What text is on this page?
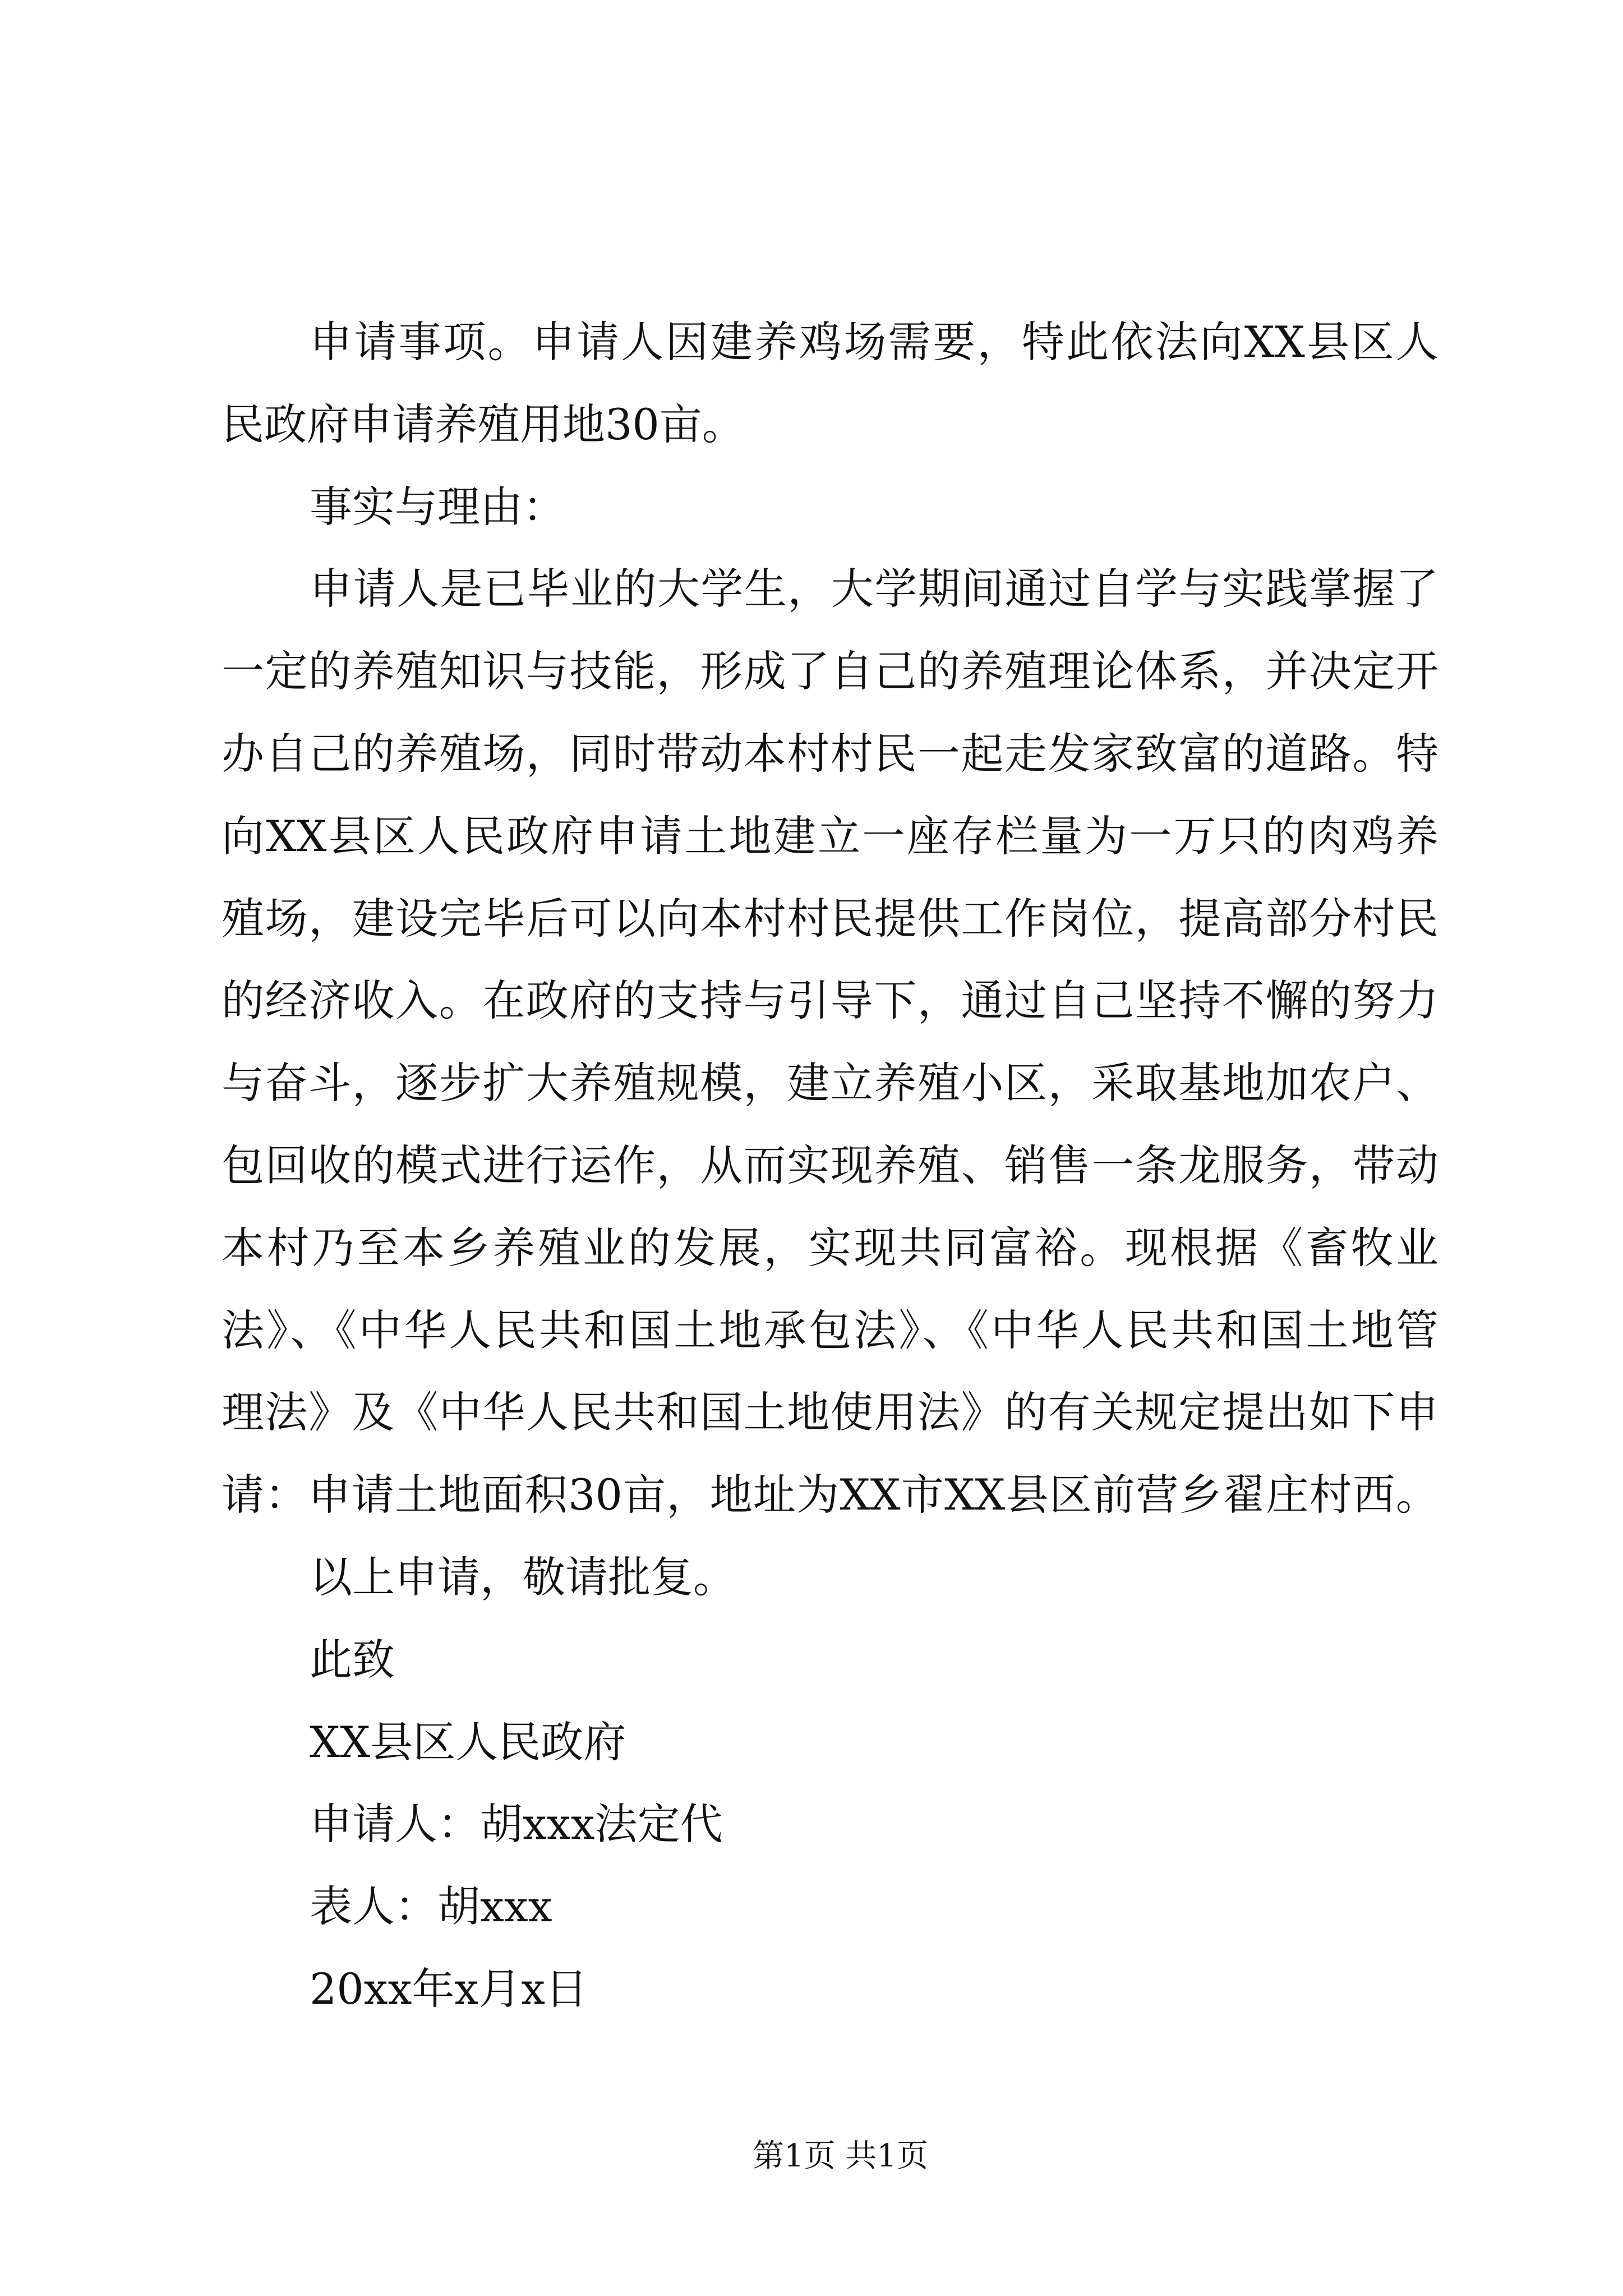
申请事项。申请人因建养鸡场需要，特此依法向XX县区人
民政府申请养殖用地30亩。
事实与理由：
申请人是已毕业的大学生，大学期间通过自学与实践掌握了
一定的养殖知识与技能，形成了自己的养殖理论体系，并决定开
办自己的养殖场，同时带动本村村民一起走发家致富的道路。特
向XX县区人民政府申请土地建立一座存栏量为一万只的肉鸡养
殖场，建设完毕后可以向本村村民提供工作岗位，提高部分村民
的经济收入。在政府的支持与引导下，通过自己坚持不懈的努力
与奋斗，逐步扩大养殖规模，建立养殖小区，采取基地加农户、
包回收的模式进行运作，从而实现养殖、销售一条龙服务，带动
本村乃至本乡养殖业的发展，实现共同富裕。现根据《畜牧业
法》、《中华人民共和国土地承包法》、《中华人民共和国土地管
理法》及《中华人民共和国土地使用法》的有关规定提出如下申
请：申请土地面积30亩，地址为XX市XX县区前营乡翟庄村西。
以上申请，敬请批复。
此致
XX县区人民政府
申请人：胡xxx法定代
表人：胡xxx
20xx年x月x日
第1页 共1页
